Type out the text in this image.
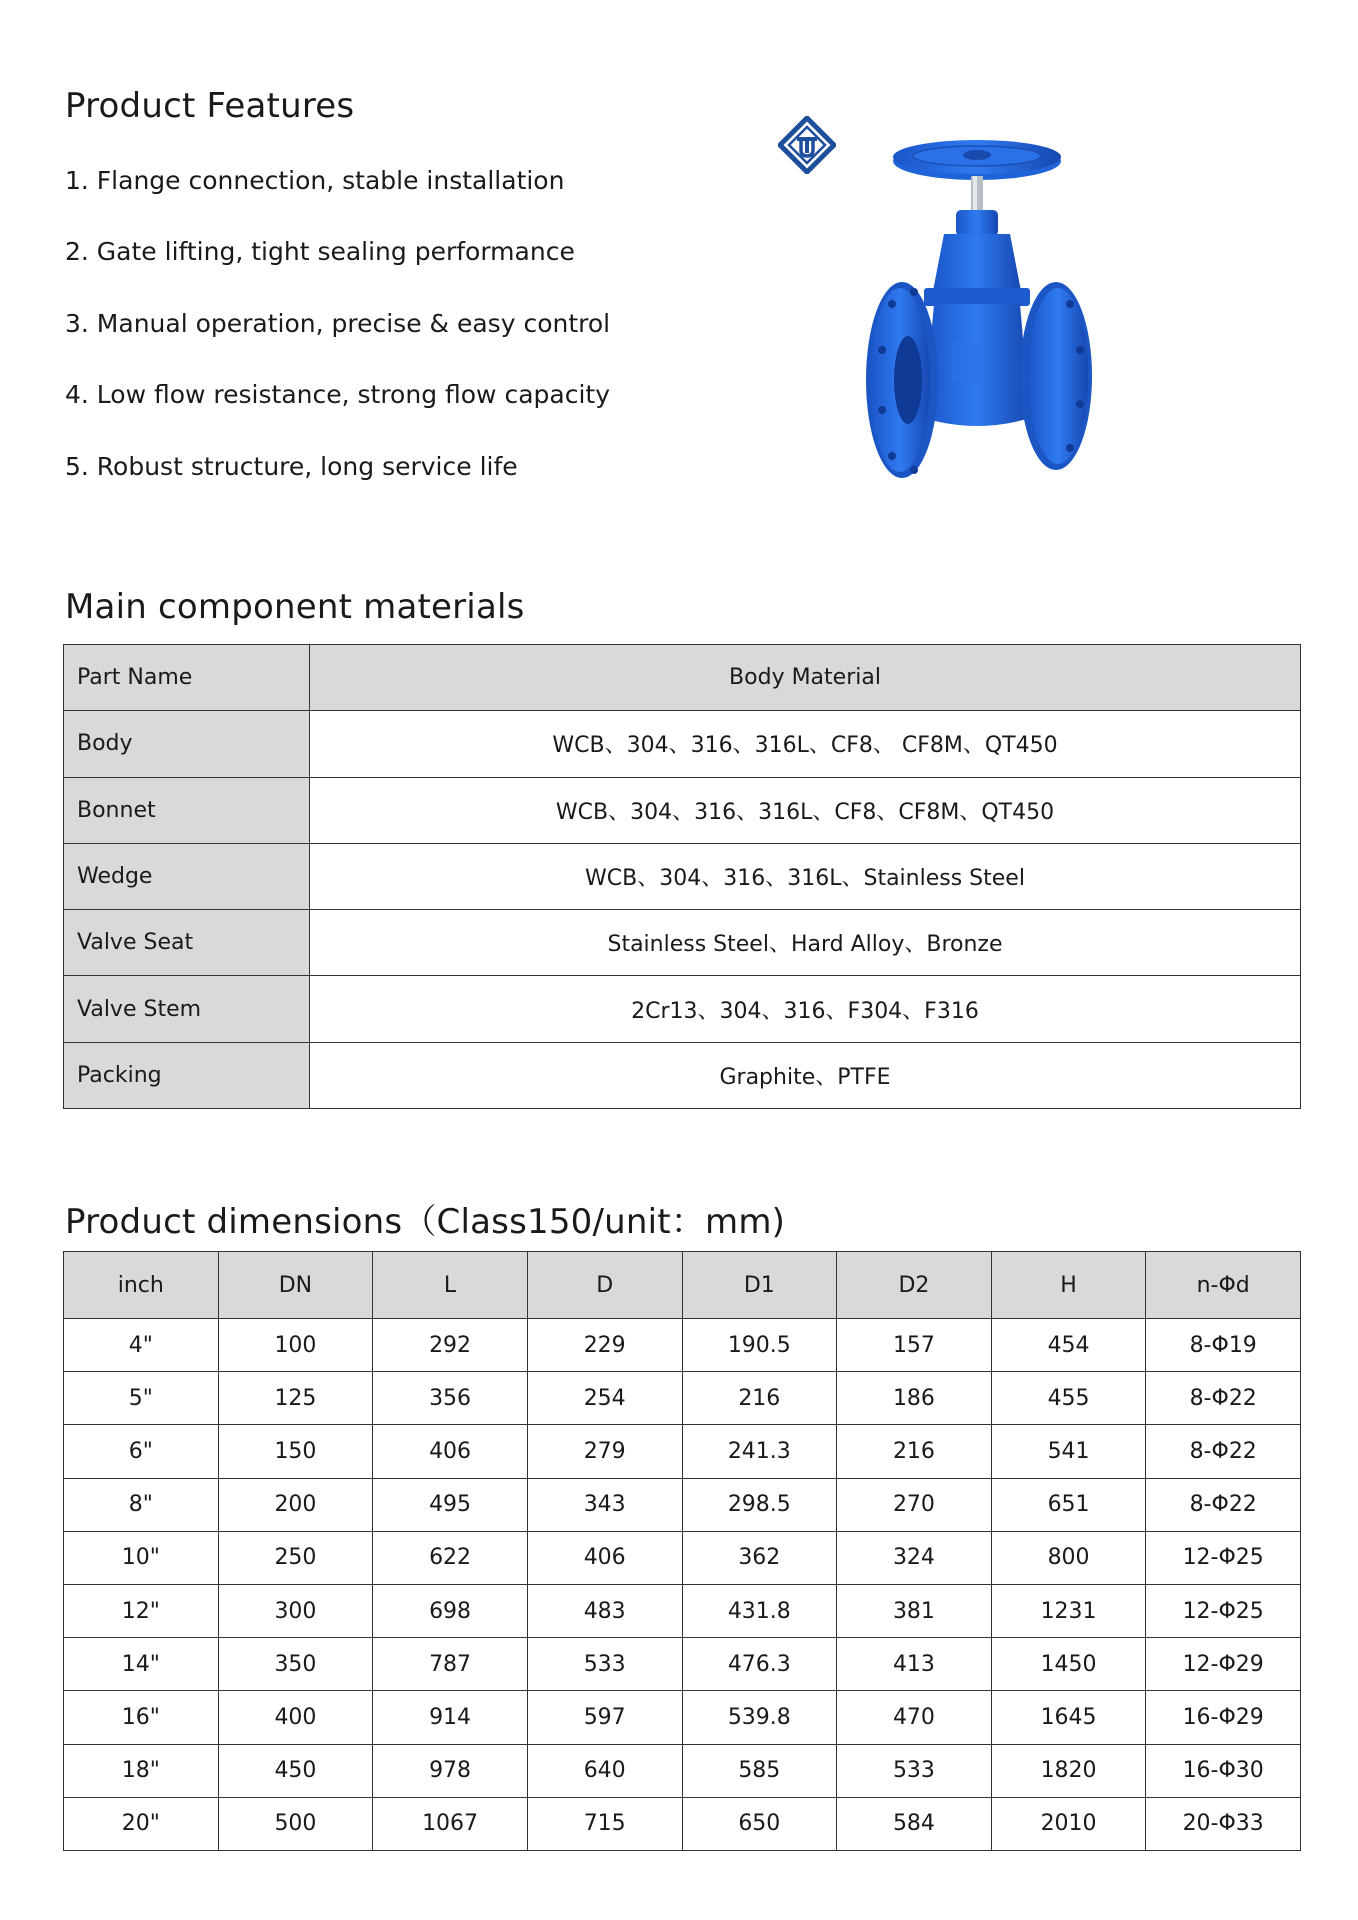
Product Features
1. Flange connection, stable installation
2. Gate lifting, tight sealing performance
3. Manual operation, precise & easy control
4. Low flow resistance, strong flow capacity
5. Robust structure, long service life
Main component materials
Part Name	Body Material
Body	WCB、304、316、316L、CF8、 CF8M、QT450
Bonnet	WCB、304、316、316L、CF8、CF8M、QT450
Wedge	WCB、304、316、316L、Stainless Steel
Valve Seat	Stainless Steel、Hard Alloy、Bronze
Valve Stem	2Cr13、304、316、F304、F316
Packing	Graphite、PTFE
Product dimensions（Class150/unit：mm)
inch	DN	L	D	D1	D2	H	n-Φd
4"	100	292	229	190.5	157	454	8-Φ19
5"	125	356	254	216	186	455	8-Φ22
6"	150	406	279	241.3	216	541	8-Φ22
8"	200	495	343	298.5	270	651	8-Φ22
10"	250	622	406	362	324	800	12-Φ25
12"	300	698	483	431.8	381	1231	12-Φ25
14"	350	787	533	476.3	413	1450	12-Φ29
16"	400	914	597	539.8	470	1645	16-Φ29
18"	450	978	640	585	533	1820	16-Φ30
20"	500	1067	715	650	584	2010	20-Φ33
